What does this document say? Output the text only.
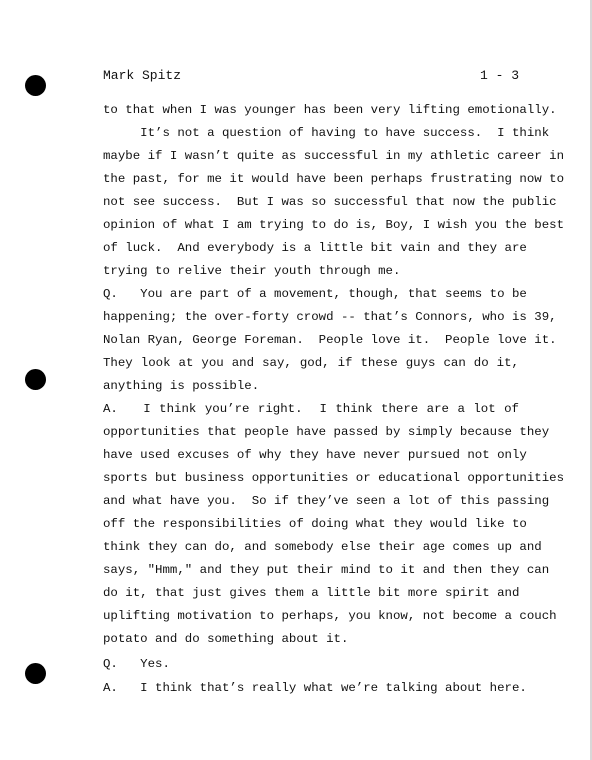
Mark Spitz	1 - 3
to that when I was younger has been very lifting emotionally.
It’s not a question of having to have success.  I think
maybe if I wasn’t quite as successful in my athletic career in
the past, for me it would have been perhaps frustrating now to
not see success.  But I was so successful that now the public
opinion of what I am trying to do is, Boy, I wish you the best
of luck.  And everybody is a little bit vain and they are
trying to relive their youth through me.
Q.   You are part of a movement, though, that seems to be
happening; the over-forty crowd -- that’s Connors, who is 39,
Nolan Ryan, George Foreman.  People love it.  People love it.
They look at you and say, god, if these guys can do it,
anything is possible.
A.   I think you’re right.  I think there are a lot of
opportunities that people have passed by simply because they
have used excuses of why they have never pursued not only
sports but business opportunities or educational opportunities
and what have you.  So if they’ve seen a lot of this passing
off the responsibilities of doing what they would like to
think they can do, and somebody else their age comes up and
says, "Hmm," and they put their mind to it and then they can
do it, that just gives them a little bit more spirit and
uplifting motivation to perhaps, you know, not become a couch
potato and do something about it.
Q.   Yes.
A.   I think that’s really what we’re talking about here.
